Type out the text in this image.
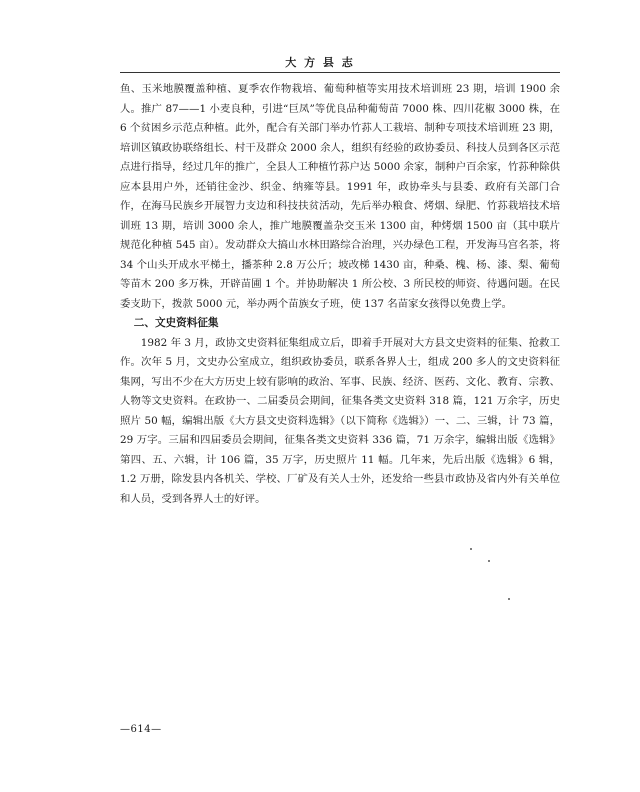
大 方 县 志

鱼、玉米地膜覆盖种植、夏季农作物栽培、葡萄种植等实用技术培训班 23 期，培训 1900 余人。推广 87——1 小麦良种，引进“巨凤”等优良品种葡萄苗 7000 株、四川花椒 3000 株，在 6 个贫困乡示范点种植。此外，配合有关部门举办竹荪人工栽培、制种专项技术培训班 23 期，培训区镇政协联络组长、村干及群众 2000 余人，组织有经验的政协委员、科技人员到各区示范点进行指导，经过几年的推广，全县人工种植竹荪户达 5000 余家，制种户百余家，竹荪种除供应本县用户外，还销往金沙、织金、纳雍等县。1991 年，政协牵头与县委、政府有关部门合作，在海马民族乡开展智力支边和科技扶贫活动，先后举办粮食、烤烟、绿肥、竹荪栽培技术培训班 13 期，培训 3000 余人，推广地膜覆盖杂交玉米 1300 亩，种烤烟 1500 亩（其中联片规范化种植 545 亩）。发动群众大搞山水林田路综合治理，兴办绿色工程，开发海马宫名茶，将 34 个山头开成水平梯土，播茶种 2.8 万公斤；坡改梯 1430 亩，种桑、槐、杨、漆、梨、葡萄等苗木 200 多万株，开辟苗圃 1 个。并协助解决 1 所公校、3 所民校的师资、待遇问题。在民委支助下，拨款 5000 元，举办两个苗族女子班，使 137 名苗家女孩得以免费上学。

二、文史资料征集

1982 年 3 月，政协文史资料征集组成立后，即着手开展对大方县文史资料的征集、抢救工作。次年 5 月，文史办公室成立，组织政协委员，联系各界人士，组成 200 多人的文史资料征集网，写出不少在大方历史上较有影响的政治、军事、民族、经济、医药、文化、教育、宗教、人物等文史资料。在政协一、二届委员会期间，征集各类文史资料 318 篇，121 万余字，历史照片 50 幅，编辑出版《大方县文史资料选辑》（以下简称《选辑》）一、二、三辑，计 73 篇，29 万字。三届和四届委员会期间，征集各类文史资料 336 篇，71 万余字，编辑出版《选辑》第四、五、六辑，计 106 篇，35 万字，历史照片 11 幅。几年来，先后出版《选辑》6 辑，1.2 万册，除发县内各机关、学校、厂矿及有关人士外，还发给一些县市政协及省内外有关单位和人员，受到各界人士的好评。

—614—
